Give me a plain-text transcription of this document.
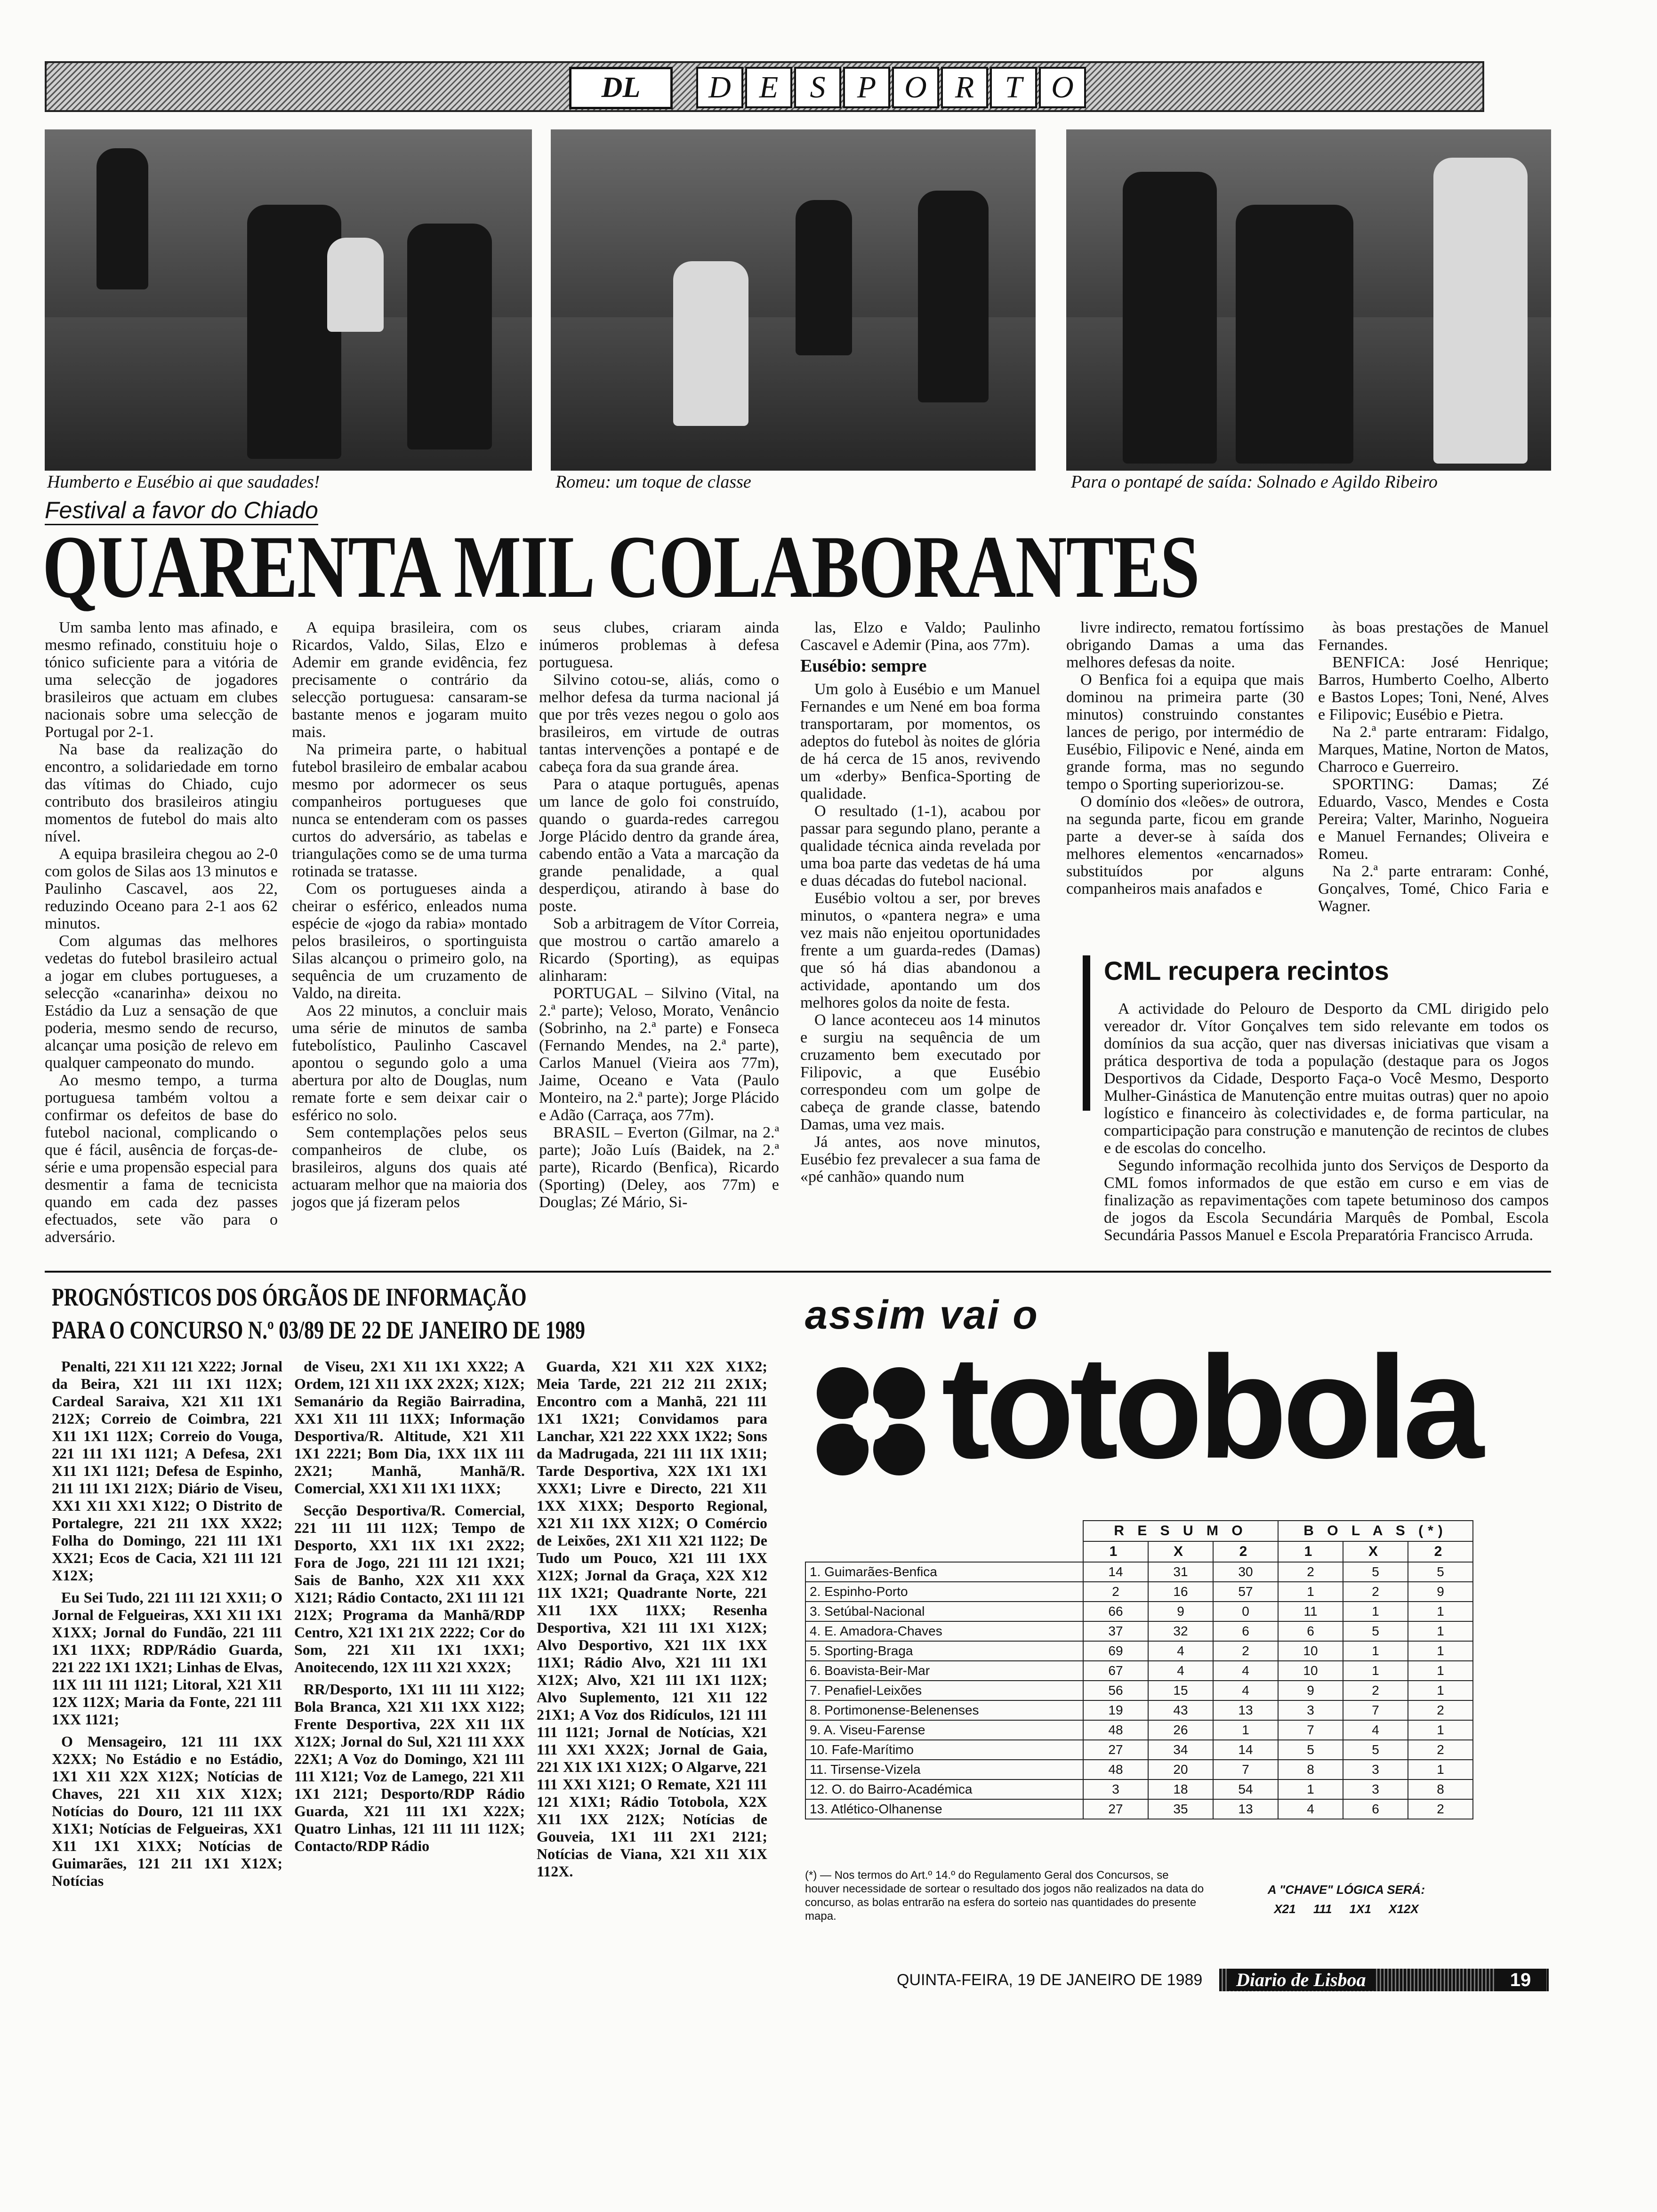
DL	D E	S	P O R T O
Humberto e Eusébio ai que saudades!	Romeu: um toque de classe	Para o pontapé de saída: Solnado e Agildo Ribeiro
Festival a favor do Chiado
QUARENTA MIL COLABORANTES

Um samba lento mas afinado, e mesmo refinado, constituiu hoje o tónico suficiente para a vitória de uma selecção de jogadores brasileiros que actuam em clubes nacionais sobre uma selecção de Portugal por 2-1.

Na base da realização do encontro, a solidariedade em torno das vítimas do Chiado, cujo contributo dos brasileiros atingiu momentos de futebol do mais alto nível.

A equipa brasileira chegou ao 2-0 com golos de Silas aos 13 minutos e Paulinho Cascavel, aos 22, reduzindo Oceano para 2-1 aos 62 minutos.

Com algumas das melhores vedetas do futebol brasileiro actual a jogar em clubes portugueses, a selecção «canarinha» deixou no Estádio da Luz a sensação de que poderia, mesmo sendo de recurso, alcançar uma posição de relevo em qualquer campeonato do mundo.

Ao mesmo tempo, a turma portuguesa também voltou a confirmar os defeitos de base do futebol nacional, complicando o que é fácil, ausência de forças-de-série e uma propensão especial para desmentir a fama de tecnicista quando em cada dez passes efectuados, sete vão para o adversário.

A equipa brasileira, com os Ricardos, Valdo, Silas, Elzo e Ademir em grande evidência, fez precisamente o contrário da selecção portuguesa: cansaram-se bastante menos e jogaram muito mais.

Na primeira parte, o habitual futebol brasileiro de embalar acabou mesmo por adormecer os seus companheiros portugueses que nunca se entenderam com os passes curtos do adversário, as tabelas e triangulações como se de uma turma rotinada se tratasse.

Com os portugueses ainda a cheirar o esférico, enleados numa espécie de «jogo da rabia» montado pelos brasileiros, o sportinguista Silas alcançou o primeiro golo, na sequência de um cruzamento de Valdo, na direita.

Aos 22 minutos, a concluir mais uma série de minutos de samba futebolístico, Paulinho Cascavel apontou o segundo golo a uma abertura por alto de Douglas, num remate forte e sem deixar cair o esférico no solo.

Sem contemplações pelos seus companheiros de clube, os brasileiros, alguns dos quais até actuaram melhor que na maioria dos jogos que já fizeram pelos

seus clubes, criaram ainda inúmeros problemas à defesa portuguesa.

Silvino cotou-se, aliás, como o melhor defesa da turma nacional já que por três vezes negou o golo aos brasileiros, em virtude de outras tantas intervenções a pontapé e de cabeça fora da sua grande área.

Para o ataque português, apenas um lance de golo foi construído, quando o guarda-redes carregou Jorge Plácido dentro da grande área, cabendo então a Vata a marcação da grande penalidade, a qual desperdiçou, atirando à base do poste.

Sob a arbitragem de Vítor Correia, que mostrou o cartão amarelo a Ricardo (Sporting), as equipas alinharam:

PORTUGAL – Silvino (Vital, na 2.ª parte); Veloso, Morato, Venâncio (Sobrinho, na 2.ª parte) e Fonseca (Fernando Mendes, na 2.ª parte), Carlos Manuel (Vieira aos 77m), Jaime, Oceano e Vata (Paulo Monteiro, na 2.ª parte); Jorge Plácido e Adão (Carraça, aos 77m).

BRASIL – Everton (Gilmar, na 2.ª parte); João Luís (Baidek, na 2.ª parte), Ricardo (Benfica), Ricardo (Sporting) (Deley, aos 77m) e Douglas; Zé Mário, Si-

las, Elzo e Valdo; Paulinho Cascavel e Ademir (Pina, aos 77m).

Eusébio: sempre

Um golo à Eusébio e um Manuel Fernandes e um Nené em boa forma transportaram, por momentos, os adeptos do futebol às noites de glória de há cerca de 15 anos, revivendo um «derby» Benfica-Sporting de qualidade.

O resultado (1-1), acabou por passar para segundo plano, perante a qualidade técnica ainda revelada por uma boa parte das vedetas de há uma e duas décadas do futebol nacional.

Eusébio voltou a ser, por breves minutos, o «pantera negra» e uma vez mais não enjeitou oportunidades frente a um guarda-redes (Damas) que só há dias abandonou a actividade, apontando um dos melhores golos da noite de festa.

O lance aconteceu aos 14 minutos e surgiu na sequência de um cruzamento bem executado por Filipovic, a que Eusébio correspondeu com um golpe de cabeça de grande classe, batendo Damas, uma vez mais.

Já antes, aos nove minutos, Eusébio fez prevalecer a sua fama de «pé canhão» quando num

livre indirecto, rematou fortíssimo obrigando Damas a uma das melhores defesas da noite.

O Benfica foi a equipa que mais dominou na primeira parte (30 minutos) construindo constantes lances de perigo, por intermédio de Eusébio, Filipovic e Nené, ainda em grande forma, mas no segundo tempo o Sporting superiorizou-se.

O domínio dos «leões» de outrora, na segunda parte, ficou em grande parte a dever-se à saída dos melhores elementos «encarnados» substituídos por alguns companheiros mais anafados e

às boas prestações de Manuel Fernandes.

BENFICA: José Henrique; Barros, Humberto Coelho, Alberto e Bastos Lopes; Toni, Nené, Alves e Filipovic; Eusébio e Pietra.

Na 2.ª parte entraram: Fidalgo, Marques, Matine, Norton de Matos, Charroco e Guerreiro.

SPORTING: Damas; Zé Eduardo, Vasco, Mendes e Costa Pereira; Valter, Marinho, Nogueira e Manuel Fernandes; Oliveira e Romeu.

Na 2.ª parte entraram: Conhé, Gonçalves, Tomé, Chico Faria e Wagner.

CML recupera recintos

A actividade do Pelouro de Desporto da CML dirigido pelo vereador dr. Vítor Gonçalves tem sido relevante em todos os domínios da sua acção, quer nas diversas iniciativas que visam a prática desportiva de toda a população (destaque para os Jogos Desportivos da Cidade, Desporto Faça-o Você Mesmo, Desporto Mulher-Ginástica de Manutenção entre muitas outras) quer no apoio logístico e financeiro às colectividades e, de forma particular, na comparticipação para construção e manutenção de recintos de clubes e de escolas do concelho.

Segundo informação recolhida junto dos Serviços de Desporto da CML fomos informados de que estão em curso e em vias de finalização as repavimentações com tapete betuminoso dos campos de jogos da Escola Secundária Marquês de Pombal, Escola Secundária Passos Manuel e Escola Preparatória Francisco Arruda.

PROGNÓSTICOS DOS ÓRGÃOS DE INFORMAÇÃO
PARA O CONCURSO N.º 03/89 DE 22 DE JANEIRO DE 1989

Penalti, 221 X11 121 X222; Jornal da Beira, X21 111 1X1 112X; Cardeal Saraiva, X21 X11 1X1 212X; Correio de Coimbra, 221 X11 1X1 112X; Correio do Vouga, 221 111 1X1 1121; A Defesa, 2X1 X11 1X1 1121; Defesa de Espinho, 211 111 1X1 212X; Diário de Viseu, XX1 X11 XX1 X122; O Distrito de Portalegre, 221 211 1XX XX22; Folha do Domingo, 221 111 1X1 XX21; Ecos de Cacia, X21 111 121 X12X;

Eu Sei Tudo, 221 111 121 XX11; O Jornal de Felgueiras, XX1 X11 1X1 X1XX; Jornal do Fundão, 221 111 1X1 11XX; RDP/Rádio Guarda, 221 222 1X1 1X21; Linhas de Elvas, 11X 111 111 1121; Litoral, X21 X11 12X 112X; Maria da Fonte, 221 111 1XX 1121;

O Mensageiro, 121 111 1XX X2XX; No Estádio e no Estádio, 1X1 X11 X2X X12X; Notícias de Chaves, 221 X11 X1X X12X; Notícias do Douro, 121 111 1XX X1X1; Notícias de Felgueiras, XX1 X11 1X1 X1XX; Notícias de Guimarães, 121 211 1X1 X12X; Notícias

de Viseu, 2X1 X11 1X1 XX22; A Ordem, 121 X11 1XX 2X2X; X12X; Semanário da Região Bairradina, XX1 X11 111 11XX; Informação Desportiva/R. Altitude, X21 X11 1X1 2221; Bom Dia, 1XX 11X 111 2X21; Manhã, Manhã/R. Comercial, XX1 X11 1X1 11XX;

Secção Desportiva/R. Comercial, 221 111 111 112X; Tempo de Desporto, XX1 11X 1X1 2X22; Fora de Jogo, 221 111 121 1X21; Sais de Banho, X2X X11 XXX X121; Rádio Contacto, 2X1 111 121 212X; Programa da Manhã/RDP Centro, X21 1X1 21X 2222; Cor do Som, 221 X11 1X1 1XX1; Anoitecendo, 12X 111 X21 XX2X;

RR/Desporto, 1X1 111 111 X122; Bola Branca, X21 X11 1XX X122; Frente Desportiva, 22X X11 11X X12X; Jornal do Sul, X21 111 XXX 22X1; A Voz do Domingo, X21 111 111 X121; Voz de Lamego, 221 X11 1X1 2121; Desporto/RDP Rádio Guarda, X21 111 1X1 X22X; Quatro Linhas, 121 111 111 112X; Contacto/RDP Rádio

Guarda, X21 X11 X2X X1X2; Meia Tarde, 221 212 211 2X1X; Encontro com a Manhã, 221 111 1X1 1X21; Convidamos para Lanchar, X21 222 XXX 1X22; Sons da Madrugada, 221 111 11X 1X11; Tarde Desportiva, X2X 1X1 1X1 XXX1; Livre e Directo, 221 X11 1XX X1XX; Desporto Regional, X21 X11 1XX X12X; O Comércio de Leixões, 2X1 X11 X21 1122; De Tudo um Pouco, X21 111 1XX X12X; Jornal da Graça, X2X X12 11X 1X21; Quadrante Norte, 221 X11 1XX 11XX; Resenha Desportiva, X21 111 1X1 X12X; Alvo Desportivo, X21 11X 1XX 11X1; Rádio Alvo, X21 111 1X1 X12X; Alvo, X21 111 1X1 112X; Alvo Suplemento, 121 X11 122 21X1; A Voz dos Ridículos, 121 111 111 1121; Jornal de Notícias, X21 111 XX1 XX2X; Jornal de Gaia, 221 X1X 1X1 X12X; O Algarve, 221 111 XX1 X121; O Remate, X21 111 121 X1X1; Rádio Totobola, X2X X11 1XX 212X; Notícias de Gouveia, 1X1 111 2X1 2121; Notícias de Viana, X21 X11 X1X 112X.

assim vai o
totobola
	R E S U M O			B O L A S (*)		
	1	X	2	1	X	2
1. Guimarães-Benfica	14	31	30	2	5	5
2. Espinho-Porto	2	16	57	1	2	9
3. Setúbal-Nacional	66	9	0	11	1	1
4. E. Amadora-Chaves	37	32	6	6	5	1
5. Sporting-Braga	69	4	2	10	1	1
6. Boavista-Beir-Mar	67	4	4	10	1	1
7. Penafiel-Leixões	56	15	4	9	2	1
8. Portimonense-Belenenses	19	43	13	3	7	2
9. A. Viseu-Farense	48	26	1	7	4	1
10. Fafe-Marítimo	27	34	14	5	5	2
11. Tirsense-Vizela	48	20	7	8	3	1
12. O. do Bairro-Académica	3	18	54	1	3	8
13. Atlético-Olhanense	27	35	13	4	6	2
(*) — Nos termos do Art.º 14.º do Regulamento Geral dos Concursos, se houver necessidade de sortear o resultado dos jogos não realizados na data do concurso, as bolas entrarão na esfera do sorteio nas quantidades do presente mapa.
A "CHAVE" LÓGICA SERÁ:
X21 111 1X1 X12X
QUINTA-FEIRA, 19 DE JANEIRO DE 1989	Diario de Lisboa	19
